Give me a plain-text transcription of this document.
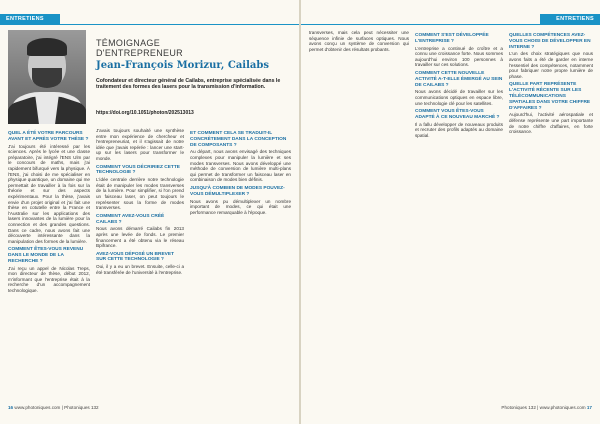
ENTRETIENS
TÉMOIGNAGE
D'ENTREPRENEUR
Jean-François Morizur, Cailabs
Cofondateur et directeur général de Cailabs, entreprise spécialisée dans le traitement des formes des lasers pour la transmission d'information.
https://doi.org/10.1051/photon/202513013
QUEL A ÉTÉ VOTRE PARCOURS AVANT ET APRÈS VOTRE THÈSE ?

J'ai toujours été intéressé par les sciences. Après le lycée et une classe préparatoire, j'ai intégré l'ENS Ulm par le concours de maths, mais j'ai rapidement bifurqué vers la physique. À l'ENS, j'ai choisi de me spécialiser en physique quantique, un domaine qui me permettait de travailler à la fois sur la théorie et sur des aspects expérimentaux. Pour la thèse, j'avais envie d'un projet original et j'ai fait une thèse en cotutelle entre la France et l'Australie sur les applications des lasers innovantes de la lumière pour la connection et des grandes questions. Dans ce cadre, nous avons fait une découverte intéressante dans la manipulation des formes de la lumière.

COMMENT ÊTES-VOUS REVENU DANS LE MONDE DE LA RECHERCHE ?

J'ai reçu un appel de Nicolas Treps, mon directeur de thèse, début 2012, m'informant que l'entreprise était à la recherche d'un accompagnement technologique.

J'avais toujours souhaité une synthèse entre mon expérience de chercheur et l'entrepreneuriat, et il s'agissait de notre idée que j'avais repérée : lancer une start-up sur les lasers pour transformer le monde.

COMMENT VOUS DÉCRIRIEZ CETTE TECHNOLOGIE ?

L'idée centrale derrière notre technologie était de manipuler les modes transverses de la lumière. Pour simplifier, si l'on prend un faisceau laser, on peut toujours le représenter sous la forme de modes transverses.

COMMENT AVEZ-VOUS CRÉÉ CAILABS ?

Nous avons démarré Cailabs fin 2013 après une levée de fonds. Le premier financement a été obtenu via le réseau Bpifrance.

AVEZ-VOUS DÉPOSÉ UN BREVET SUR CETTE TECHNOLOGIE ?

Oui, il y a eu un brevet. Ensuite, celle-ci a été transférée de l'université à l'entreprise.

ET COMMENT CELA SE TRADUIT-IL CONCRÈTEMENT DANS LA CONCEPTION DE COMPOSANTS ?

Au départ, nous avons envisagé des techniques complexes pour manipuler la lumière et ses modes transverses. Nous avons développé une méthode de conversion de lumière multi-plans qui permet de transformer un faisceau laser en combinaison de modes bien définis.

JUSQU'À COMBIEN DE MODES POUVEZ-VOUS DÉMULTIPLEXER ?

Nous avons pu démultiplexer un nombre important de modes, ce qui était une performance remarquable à l'époque.

16 www.photoniques.com | Photoniques 132
ENTRETIENS

transverses, mais cela peut nécessiter une séquence infinie de surfaces optiques. Nous avons conçu un système de conversion qui permet d'obtenir des résultats probants.

COMMENT S'EST DÉVELOPPÉE L'ENTREPRISE ?

L'entreprise a continué de croître et a connu une croissance forte. Nous sommes aujourd'hui environ 100 personnes à travailler sur ces solutions.

COMMENT CETTE NOUVELLE ACTIVITÉ A-T-ELLE ÉMERGÉ AU SEIN DE CAILABS ?

Nous avons décidé de travailler sur les communications optiques en espace libre, une technologie clé pour les satellites.

COMMENT VOUS ÊTES-VOUS ADAPTÉ À CE NOUVEAU MARCHÉ ?

Il a fallu développer de nouveaux produits et recruter des profils adaptés au domaine spatial.

QUELLES COMPÉTENCES AVEZ-VOUS CHOISI DE DÉVELOPPER EN INTERNE ?

L'un des choix stratégiques que nous avons faits a été de garder en interne l'essentiel des compétences, notamment pour fabriquer notre propre lumière de phase.

QUELLE PART REPRÉSENTE L'ACTIVITÉ RÉCENTE SUR LES TÉLÉCOMMUNICATIONS SPATIALES DANS VOTRE CHIFFRE D'AFFAIRES ?

Aujourd'hui, l'activité aérospatiale et défense représente une part importante de notre chiffre d'affaires, en forte croissance.

Photoniques 132 | www.photoniques.com 17
